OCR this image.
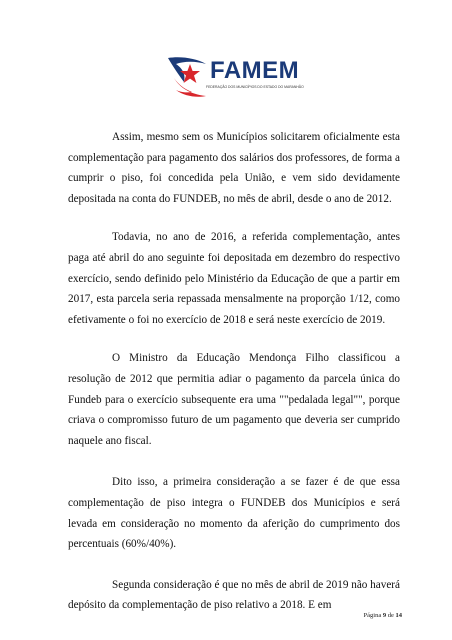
FAMEM
FEDERAÇÃO DOS MUNICÍPIOS DO ESTADO DO MARANHÃO

Assim, mesmo sem os Municípios solicitarem oficialmente esta complementação para pagamento dos salários dos professores, de forma a cumprir o piso, foi concedida pela União, e vem sido devidamente depositada na conta do FUNDEB, no mês de abril, desde o ano de 2012.

Todavia, no ano de 2016, a referida complementação, antes paga até abril do ano seguinte foi depositada em dezembro do respectivo exercício, sendo definido pelo Ministério da Educação de que a partir em 2017, esta parcela seria repassada mensalmente na proporção 1/12, como efetivamente o foi no exercício de 2018 e será neste exercício de 2019.

O Ministro da Educação Mendonça Filho classificou a resolução de 2012 que permitia adiar o pagamento da parcela única do Fundeb para o exercício subsequente era uma ""pedalada legal"", porque criava o compromisso futuro de um pagamento que deveria ser cumprido naquele ano fiscal.

Dito isso, a primeira consideração a se fazer é de que essa complementação de piso integra o FUNDEB dos Municípios e será levada em consideração no momento da aferição do cumprimento dos percentuais (60%/40%).

Segunda consideração é que no mês de abril de 2019 não haverá depósito da complementação de piso relativo a 2018. E em

Página 9 de 14
